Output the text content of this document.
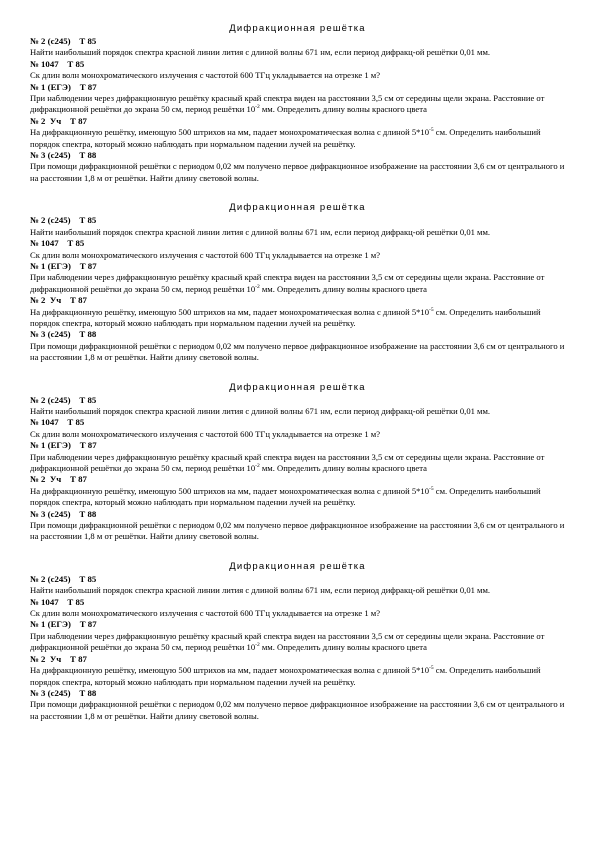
Дифракционная решётка
№ 2 (с245)    Т 85
Найти наибольший порядок спектра красной линии лития с длиной волны 671 нм, если период дифракц-ой решётки 0,01 мм.
№ 1047    Т 85
Ск длин волн монохроматического излучения с частотой 600 ТГц укладывается на отрезке 1 м?
№ 1 (ЕГЭ)    Т 87
При наблюдении через дифракционную решётку красный край спектра виден на расстоянии 3,5 см от середины щели экрана. Расстояние от дифракционной решётки до экрана 50 см, период решётки $10^{-2}$ мм. Определить длину волны красного цвета
№ 2  Уч    Т 87
На дифракционную решётку, имеющую 500 штрихов на мм, падает монохроматическая волна с длиной $5*10^{-5}$ см. Определить наибольший порядок спектра, который можно наблюдать при нормальном падении лучей на решётку.
№ 3 (с245)    Т 88
При помощи дифракционной решётки с периодом 0,02 мм получено первое дифракционное изображение на расстоянии 3,6 см от центрального и на расстоянии 1,8 м от решётки. Найти длину световой волны.
Дифракционная решётка
№ 2 (с245)    Т 85
Найти наибольший порядок спектра красной линии лития с длиной волны 671 нм, если период дифракц-ой решётки 0,01 мм.
№ 1047    Т 85
Ск длин волн монохроматического излучения с частотой 600 ТГц укладывается на отрезке 1 м?
№ 1 (ЕГЭ)    Т 87
При наблюдении через дифракционную решётку красный край спектра виден на расстоянии 3,5 см от середины щели экрана. Расстояние от дифракционной решётки до экрана 50 см, период решётки $10^{-2}$ мм. Определить длину волны красного цвета
№ 2  Уч    Т 87
На дифракционную решётку, имеющую 500 штрихов на мм, падает монохроматическая волна с длиной $5*10^{-5}$ см. Определить наибольший порядок спектра, который можно наблюдать при нормальном падении лучей на решётку.
№ 3 (с245)    Т 88
При помощи дифракционной решётки с периодом 0,02 мм получено первое дифракционное изображение на расстоянии 3,6 см от центрального и на расстоянии 1,8 м от решётки. Найти длину световой волны.
Дифракционная решётка
№ 2 (с245)    Т 85
Найти наибольший порядок спектра красной линии лития с длиной волны 671 нм, если период дифракц-ой решётки 0,01 мм.
№ 1047    Т 85
Ск длин волн монохроматического излучения с частотой 600 ТГц укладывается на отрезке 1 м?
№ 1 (ЕГЭ)    Т 87
При наблюдении через дифракционную решётку красный край спектра виден на расстоянии 3,5 см от середины щели экрана. Расстояние от дифракционной решётки до экрана 50 см, период решётки $10^{-2}$ мм. Определить длину волны красного цвета
№ 2  Уч    Т 87
На дифракционную решётку, имеющую 500 штрихов на мм, падает монохроматическая волна с длиной $5*10^{-5}$ см. Определить наибольший порядок спектра, который можно наблюдать при нормальном падении лучей на решётку.
№ 3 (с245)    Т 88
При помощи дифракционной решётки с периодом 0,02 мм получено первое дифракционное изображение на расстоянии 3,6 см от центрального и на расстоянии 1,8 м от решётки. Найти длину световой волны.
Дифракционная решётка
№ 2 (с245)    Т 85
Найти наибольший порядок спектра красной линии лития с длиной волны 671 нм, если период дифракц-ой решётки 0,01 мм.
№ 1047    Т 85
Ск длин волн монохроматического излучения с частотой 600 ТГц укладывается на отрезке 1 м?
№ 1 (ЕГЭ)    Т 87
При наблюдении через дифракционную решётку красный край спектра виден на расстоянии 3,5 см от середины щели экрана. Расстояние от дифракционной решётки до экрана 50 см, период решётки $10^{-2}$ мм. Определить длину волны красного цвета
№ 2  Уч    Т 87
На дифракционную решётку, имеющую 500 штрихов на мм, падает монохроматическая волна с длиной $5*10^{-5}$ см. Определить наибольший порядок спектра, который можно наблюдать при нормальном падении лучей на решётку.
№ 3 (с245)    Т 88
При помощи дифракционной решётки с периодом 0,02 мм получено первое дифракционное изображение на расстоянии 3,6 см от центрального и на расстоянии 1,8 м от решётки. Найти длину световой волны.
